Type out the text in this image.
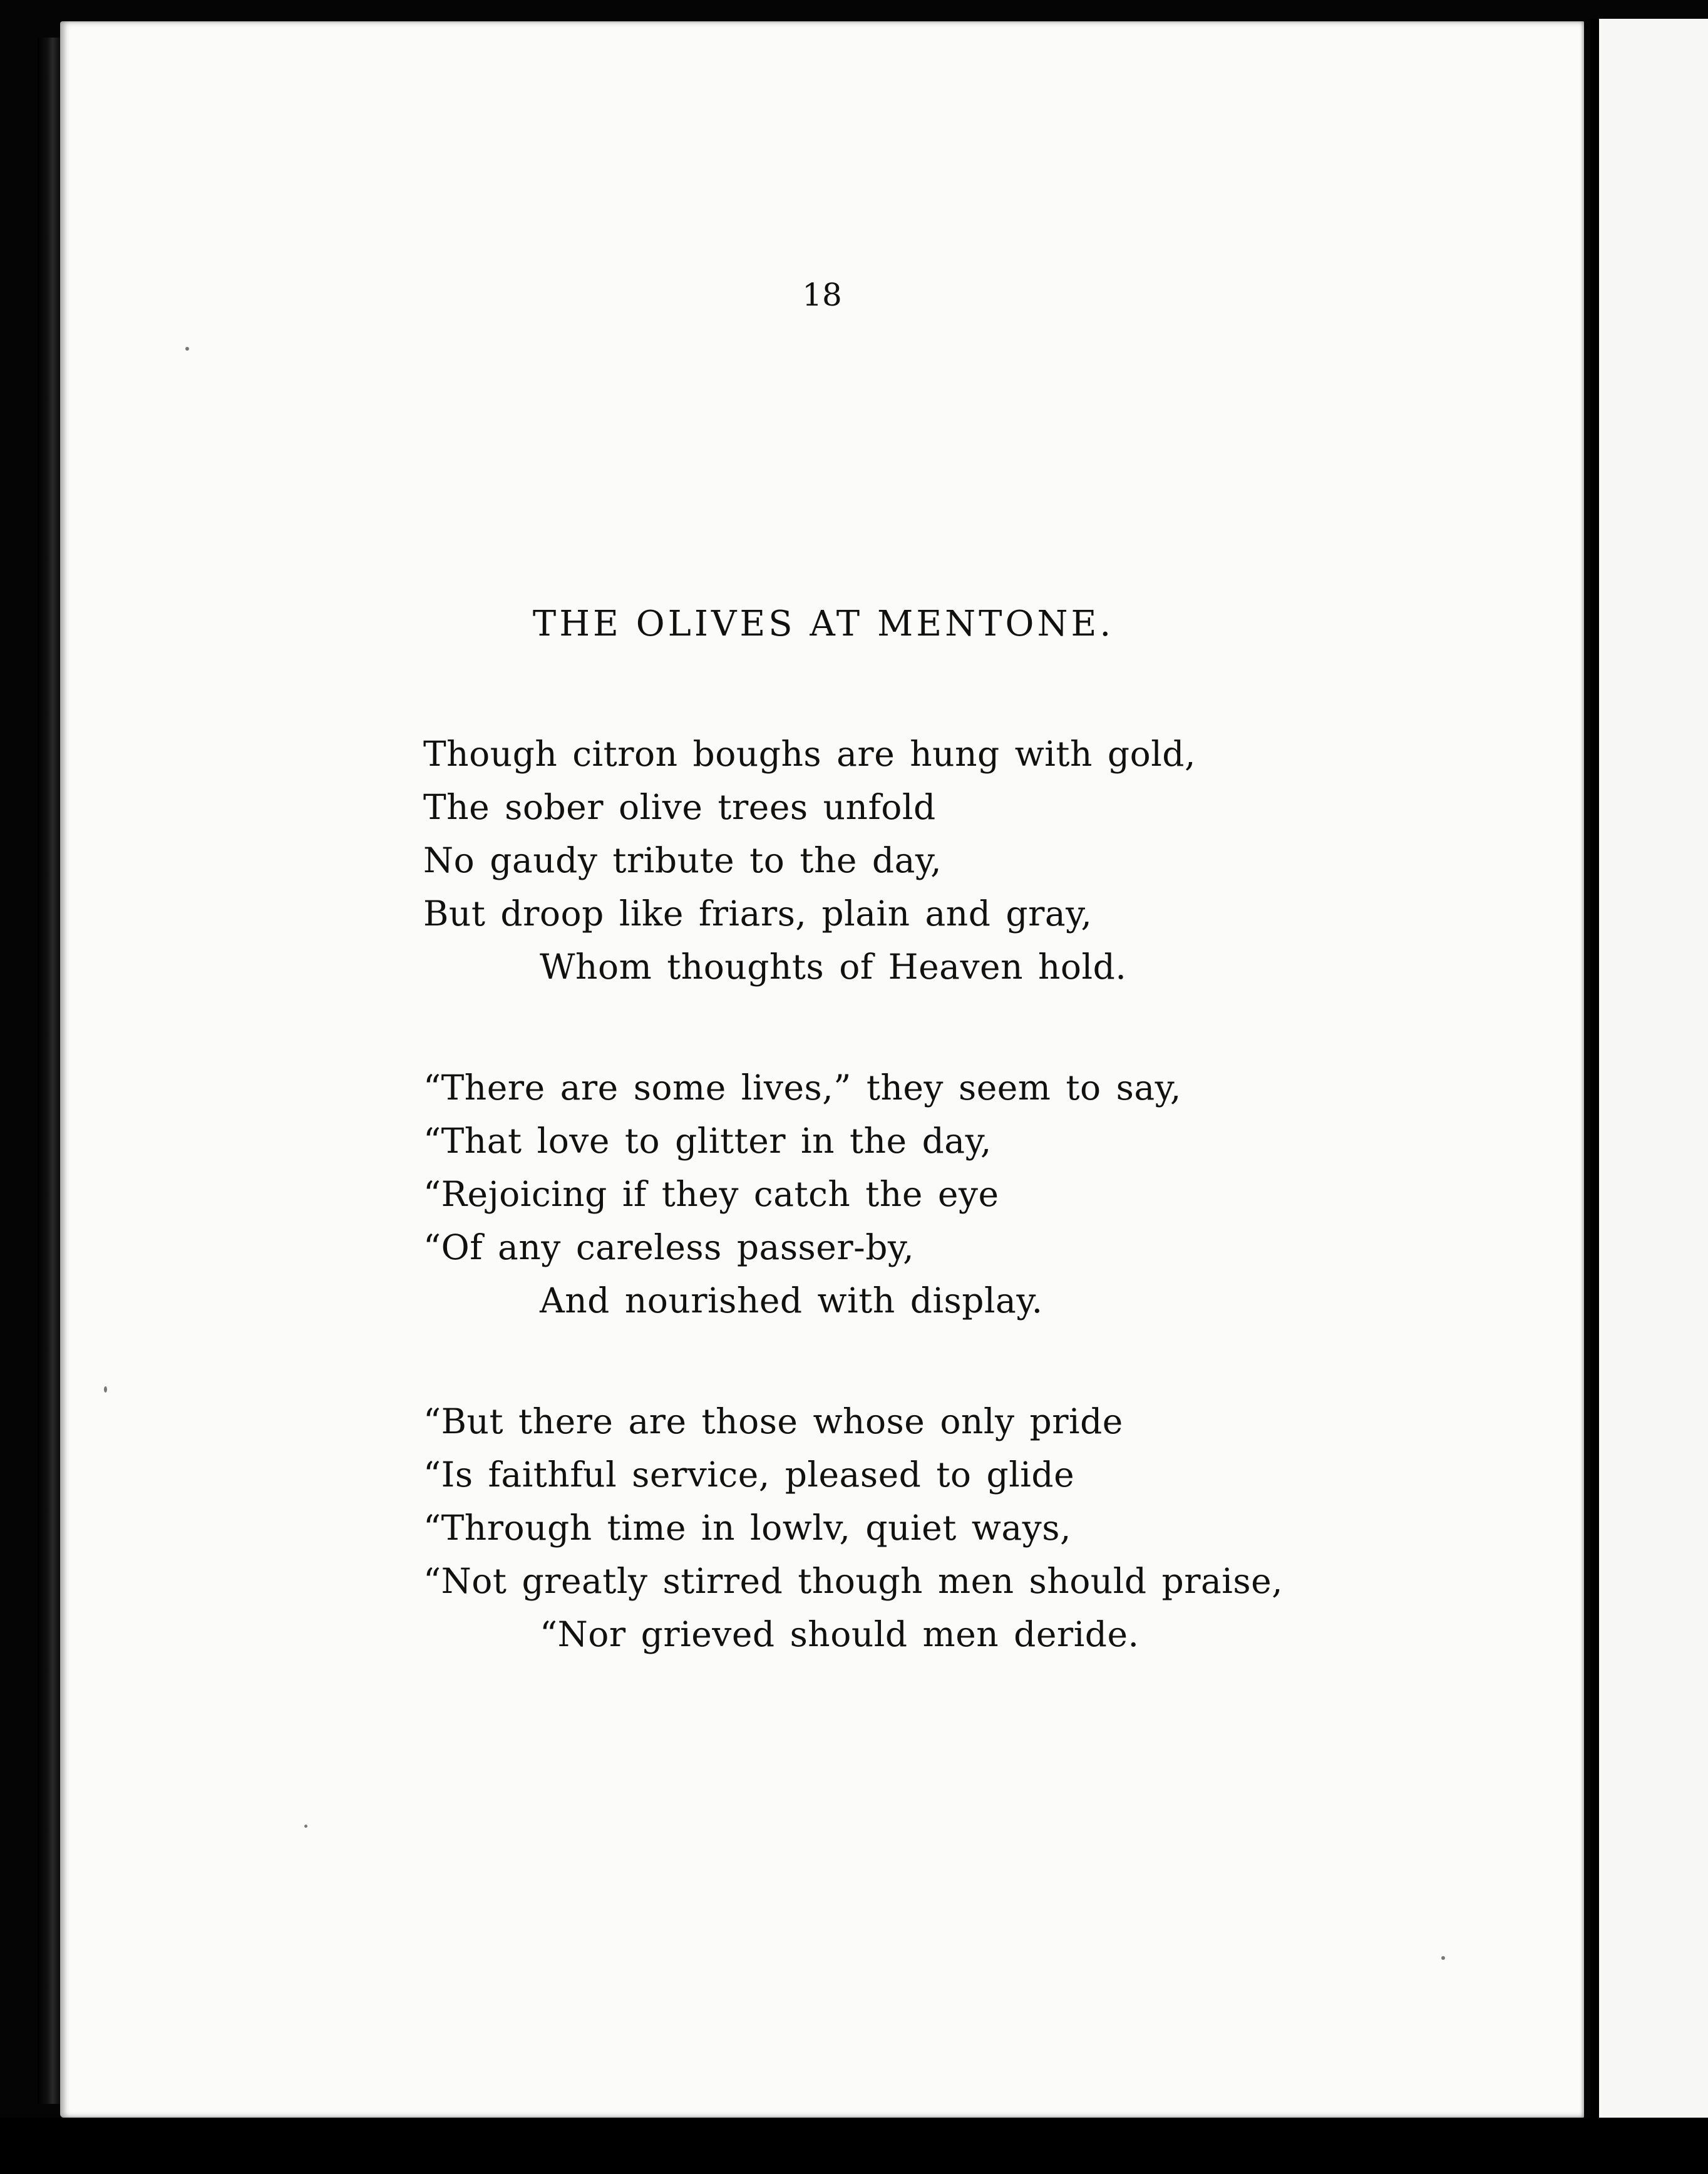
18
THE OLIVES AT MENTONE.
Though citron boughs are hung with gold,
The sober olive trees unfold
No gaudy tribute to the day,
But droop like friars, plain and gray,
Whom thoughts of Heaven hold.
“There are some lives,” they seem to say,
“That love to glitter in the day,
“Rejoicing if they catch the eye
“Of any careless passer-by,
And nourished with display.
“But there are those whose only pride
“Is faithful service, pleased to glide
“Through time in lowlv, quiet ways,
“Not greatly stirred though men should praise,
“Nor grieved should men deride.
